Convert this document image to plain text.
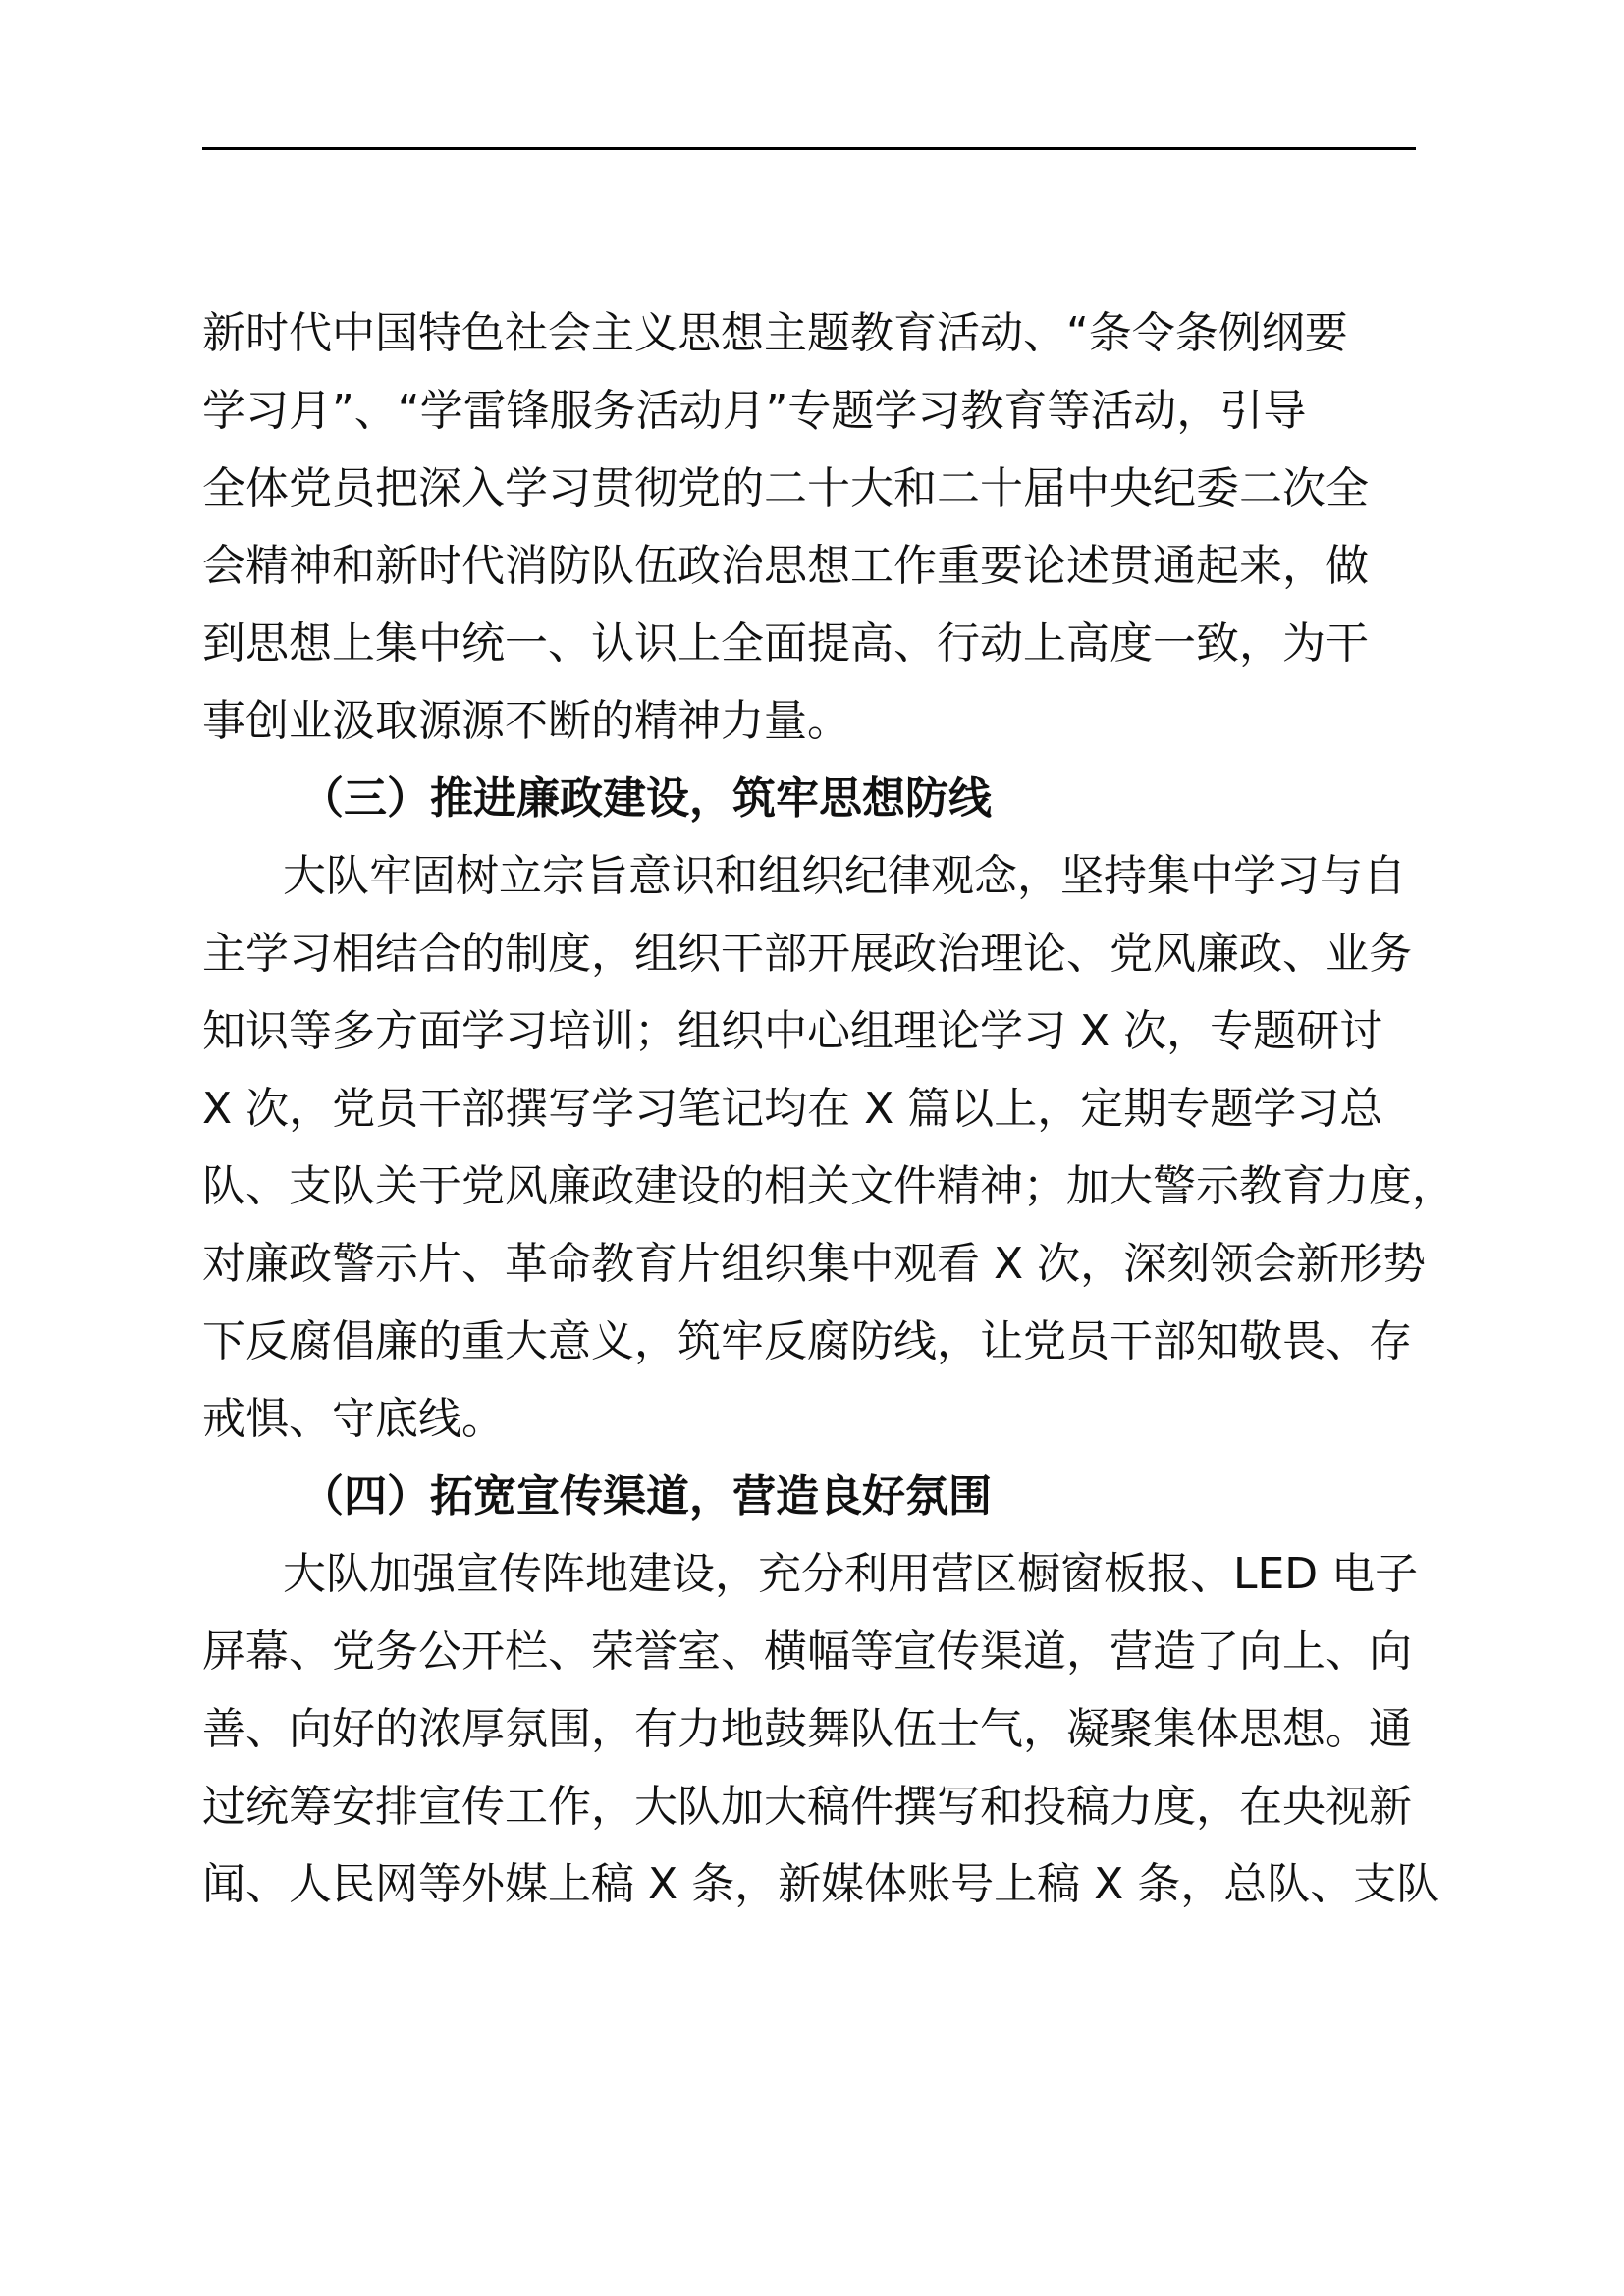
新时代中国特色社会主义思想主题教育活动、“条令条例纲要
学习月”、“学雷锋服务活动月”专题学习教育等活动，引导
全体党员把深入学习贯彻党的二十大和二十届中央纪委二次全
会精神和新时代消防队伍政治思想工作重要论述贯通起来，做
到思想上集中统一、认识上全面提高、行动上高度一致，为干
事创业汲取源源不断的精神力量。
（三）推进廉政建设，筑牢思想防线
大队牢固树立宗旨意识和组织纪律观念，坚持集中学习与自
主学习相结合的制度，组织干部开展政治理论、党风廉政、业务
知识等多方面学习培训；组织中心组理论学习 X 次，专题研讨
X 次，党员干部撰写学习笔记均在 X 篇以上，定期专题学习总
队、支队关于党风廉政建设的相关文件精神；加大警示教育力度，
对廉政警示片、革命教育片组织集中观看 X 次，深刻领会新形势
下反腐倡廉的重大意义，筑牢反腐防线，让党员干部知敬畏、存
戒惧、守底线。
（四）拓宽宣传渠道，营造良好氛围
大队加强宣传阵地建设，充分利用营区橱窗板报、LED 电子
屏幕、党务公开栏、荣誉室、横幅等宣传渠道，营造了向上、向
善、向好的浓厚氛围，有力地鼓舞队伍士气，凝聚集体思想。通
过统筹安排宣传工作，大队加大稿件撰写和投稿力度，在央视新
闻、人民网等外媒上稿 X 条，新媒体账号上稿 X 条，总队、支队
